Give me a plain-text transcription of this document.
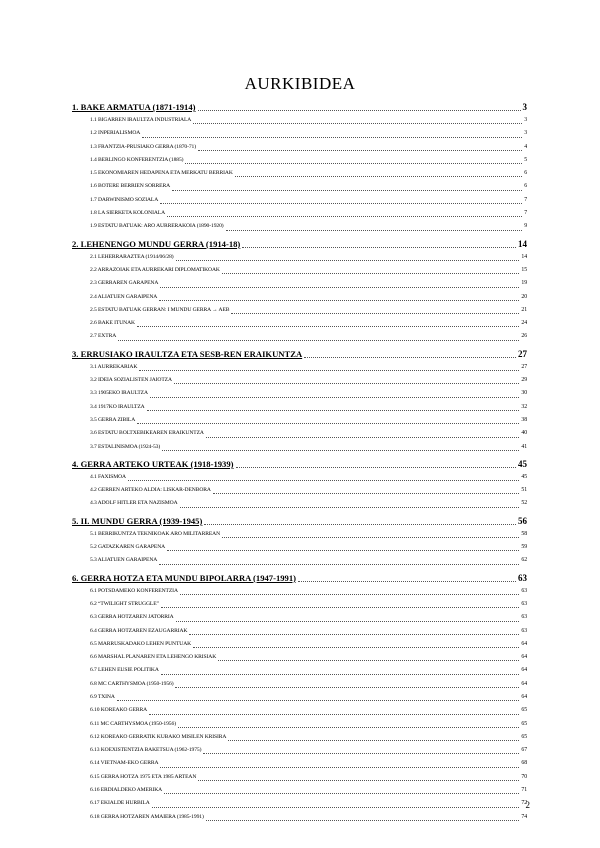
AURKIBIDEA
1. BAKE ARMATUA (1871-1914)	3
1.1 BIGARREN IRAULTZA INDUSTRIALA	3
1.2 INPERIALISMOA	3
1.3 FRANTZIA-PRUSIAKO GERRA (1870-71)	4
1.4 BERLINGO KONFERENTZIA (1885)	5
1.5 EKONOMIAREN HEDAPENA ETA MERKATU BERRIAK	6
1.6 BOTERE BERRIEN SORRERA	6
1.7 DARWINISMO SOZIALA	7
1.8 LA SIERKETA KOLONIALA	7
1.9 ESTATU BATUAK: ARO AURRERAKOIA (1890-1920)	9
2. LEHENENGO MUNDU GERRA (1914-18)	14
2.1 LEHERRARAZTEA (1914/06/28)	14
2.2 ARRAZOIAK ETA AURREKARI DIPLOMATIKOAK	15
2.3 GERRAREN GARAPENA	19
2.4 ALIATUEN GARAIPENA	20
2.5 ESTATU BATUAK GERRAN: I MUNDU GERRA → AEB	21
2.6 BAKE ITUNAK	24
2.7 EXTRA	26
3. ERRUSIAKO IRAULTZA ETA SESB-REN ERAIKUNTZA	27
3.1 AURREKARIAK	27
3.2 IDEIA SOZIALISTEN JAIOTZA	29
3.3 1905EKO IRAULTZA	30
3.4 1917KO IRAULTZA	32
3.5 GERRA ZIBILA	38
3.6 ESTATU BOLTXEBIKEAREN ERAIKUNTZA	40
3.7 ESTALINISMOA (1924-53)	41
4. GERRA ARTEKO URTEAK (1918-1939)	45
4.1 FAXISMOA	45
4.2 GERREN ARTEKO ALDIA: LISKAR-DENBORA	51
4.3 ADOLF HITLER ETA NAZISMOA	52
5. II. MUNDU GERRA (1939-1945)	56
5.1 BERRIKUNTZA TEKNIKOAK ARO MILITARREAN	58
5.2 GATAZKAREN GARAPENA	59
5.3 ALIATUEN GARAIPENA	62
6. GERRA HOTZA ETA MUNDU BIPOLARRA (1947-1991)	63
6.1 POTSDAMEKO KONFERENTZIA	63
6.2 “TWILIGHT STRUGGLE”	63
6.3 GERRA HOTZAREN JATORRIA	63
6.4 GERRA HOTZAREN EZAUGARRIAK	63
6.5 MARRUSKADAKO LEHEN PUNTUAK	64
6.6 MARSHAL PLANAREN ETA LEHENGO KRISIAK	64
6.7 LEHEN EUSIE POLITIKA	64
6.8 MC CARTHYSMOA (1950-1956)	64
6.9 TXINA	64
6.10 KOREAKO GERRA	65
6.11 MC CARTHYSMOA (1950-1956)	65
6.12 KOREAKO GERRATIK KUBAKO MISILEN KRISIRA	65
6.13 KOEXISTENTZIA BAKETSUA (1962-1975)	67
6.14 VIETNAM-EKO GERRA	68
6.15 GERRA HOTZA 1975 ETA 1985 ARTEAN	70
6.16 ERDIALDEKO AMERIKA	71
6.17 EKIALDE HURBILA	72
6.18 GERRA HOTZAREN AMAIERA (1985-1991)	74
2
